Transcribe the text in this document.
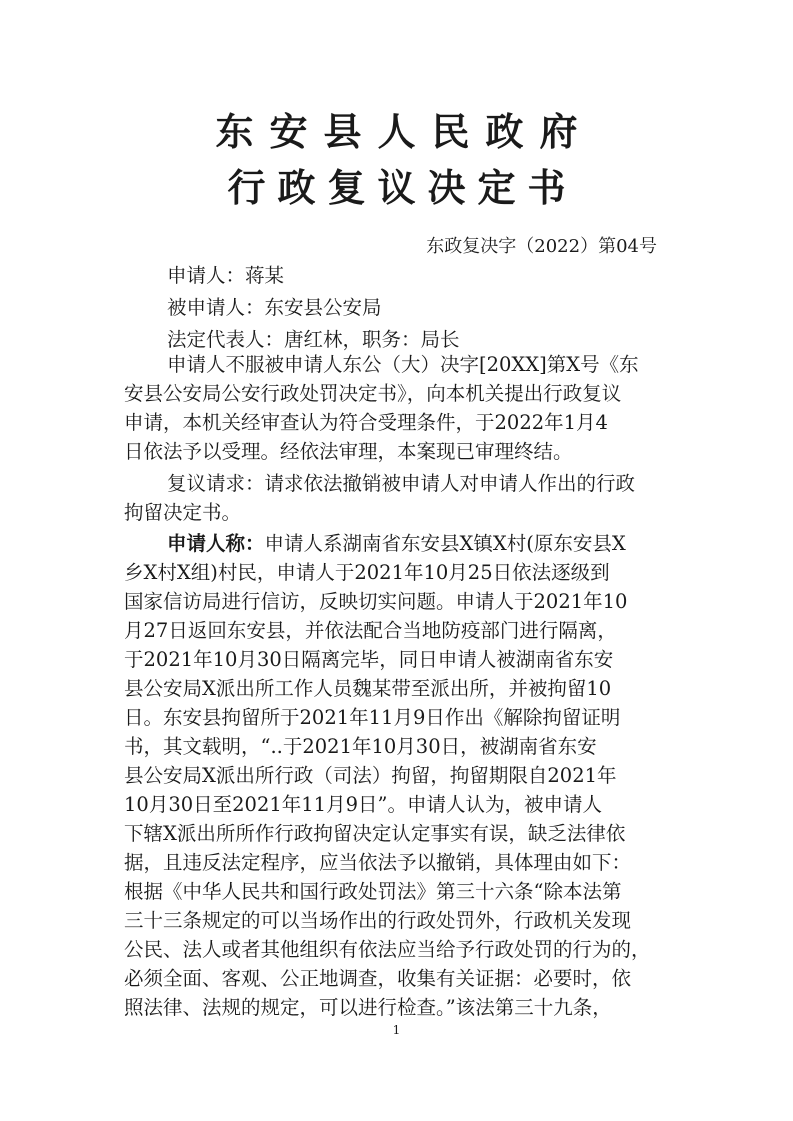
东安县人民政府
行政复议决定书
东政复决字（2022）第04号
申请人：蒋某
被申请人：东安县公安局
法定代表人：唐红林，职务：局长
申请人不服被申请人东公（大）决字[20XX]第X号《东
安县公安局公安行政处罚决定书》，向本机关提出行政复议
申请，本机关经审查认为符合受理条件，于2022年1月4
日依法予以受理。经依法审理，本案现已审理终结。
复议请求：请求依法撤销被申请人对申请人作出的行政
拘留决定书。
申请人称：申请人系湖南省东安县X镇X村(原东安县X
乡X村X组)村民，申请人于2021年10月25日依法逐级到
国家信访局进行信访，反映切实问题。申请人于2021年10
月27日返回东安县，并依法配合当地防疫部门进行隔离，
于2021年10月30日隔离完毕，同日申请人被湖南省东安
县公安局X派出所工作人员魏某带至派出所，并被拘留10
日。东安县拘留所于2021年11月9日作出《解除拘留证明
书，其文载明，“..于2021年10月30日，被湖南省东安
县公安局X派出所行政（司法）拘留，拘留期限自2021年
10月30日至2021年11月9日”。申请人认为，被申请人
下辖X派出所所作行政拘留决定认定事实有误，缺乏法律依
据，且违反法定程序，应当依法予以撤销，具体理由如下：
根据《中华人民共和国行政处罚法》第三十六条“除本法第
三十三条规定的可以当场作出的行政处罚外，行政机关发现
公民、法人或者其他组织有依法应当给予行政处罚的行为的，
必须全面、客观、公正地调查，收集有关证据：必要时，依
照法律、法规的规定，可以进行检查。”该法第三十九条，
1
